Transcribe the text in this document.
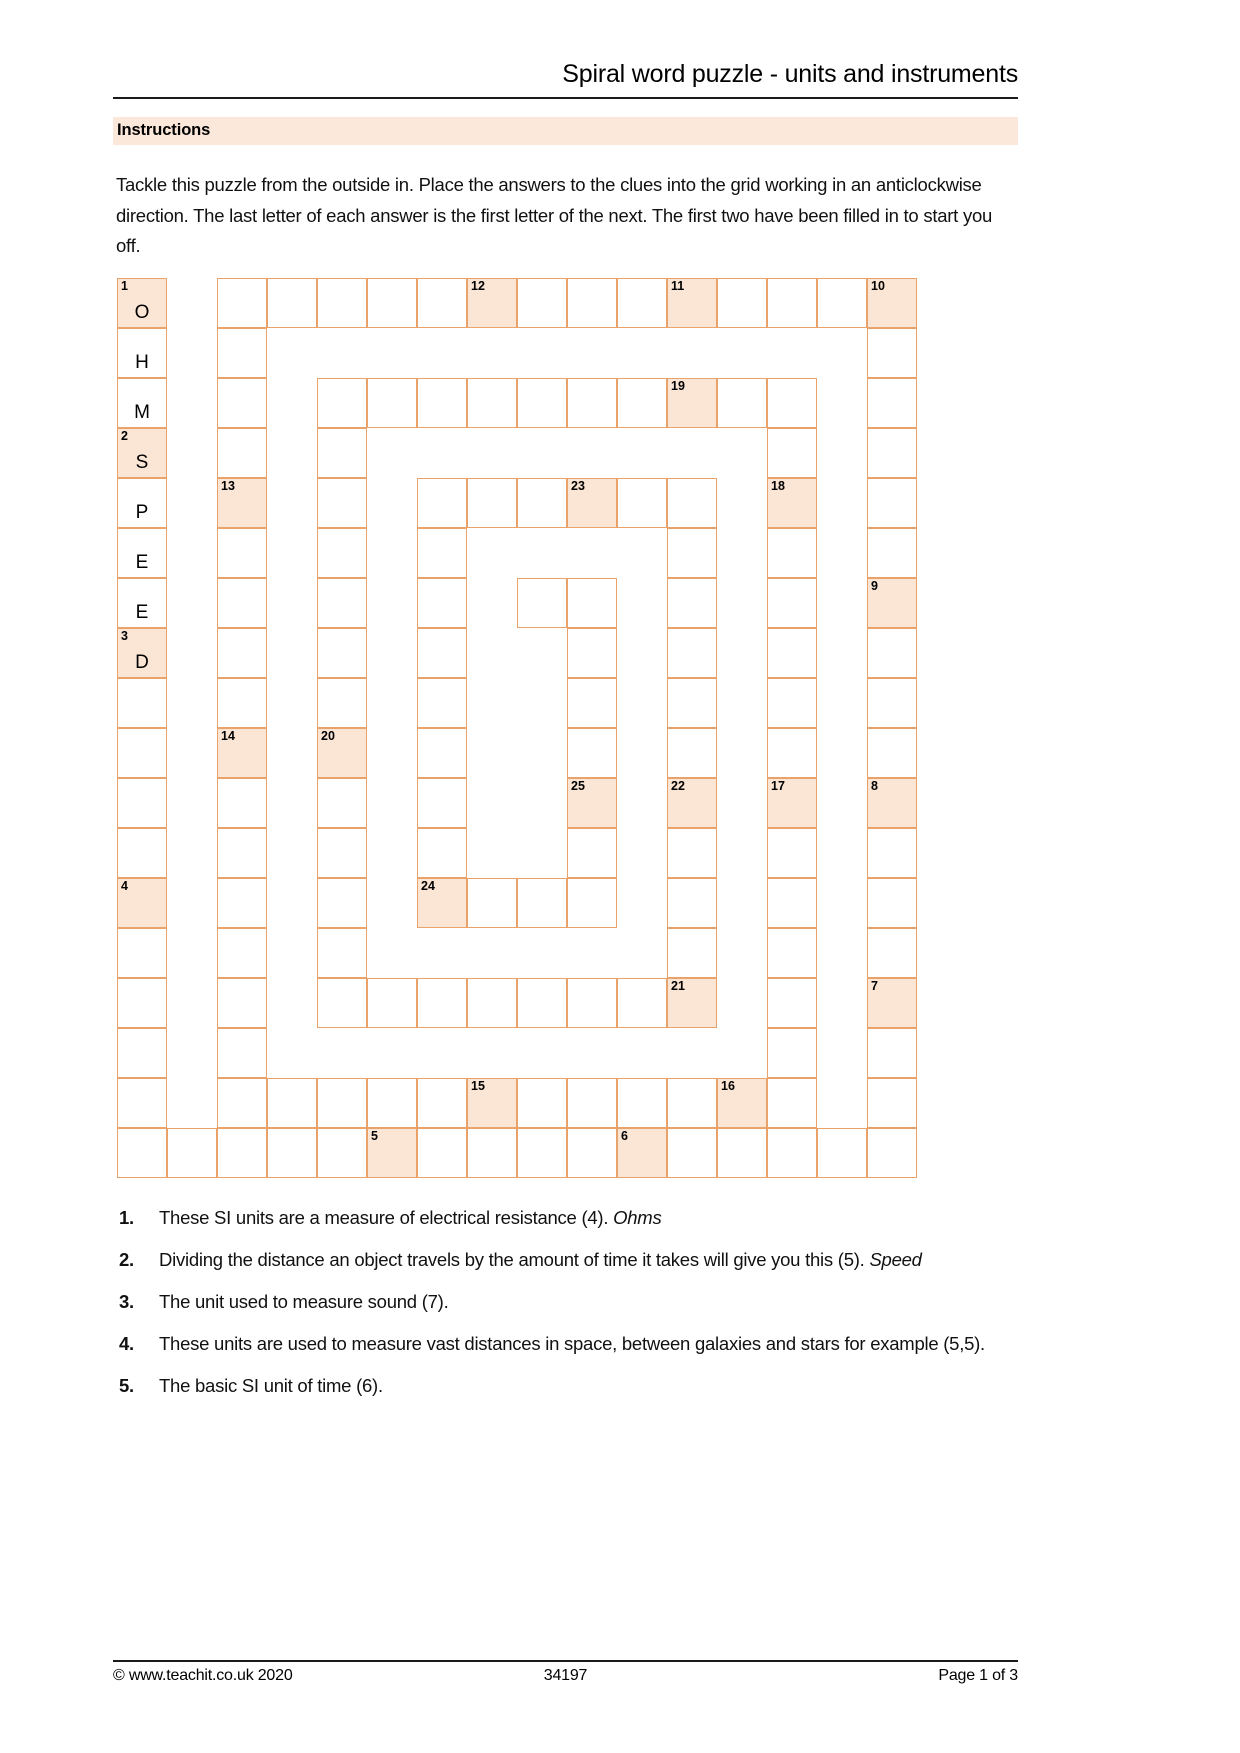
Spiral word puzzle - units and instruments
Instructions
Tackle this puzzle from the outside in. Place the answers to the clues into the grid working in an anticlockwise direction. The last letter of each answer is the first letter of the next. The first two have been filled in to start you off.
1
O
H
M
2
S
P
E
E
3
D
4
5	6
7
8
9
10
11
12
13
14
15	16
17
18
19
20
21
22
23
24
25
1.	These SI units are a measure of electrical resistance (4). Ohms
2.	Dividing the distance an object travels by the amount of time it takes will give you this (5). Speed
3.	The unit used to measure sound (7).
4.	These units are used to measure vast distances in space, between galaxies and stars for example (5,5).
5.	The basic SI unit of time (6).
© www.teachit.co.uk 2020	34197	Page 1 of 3
